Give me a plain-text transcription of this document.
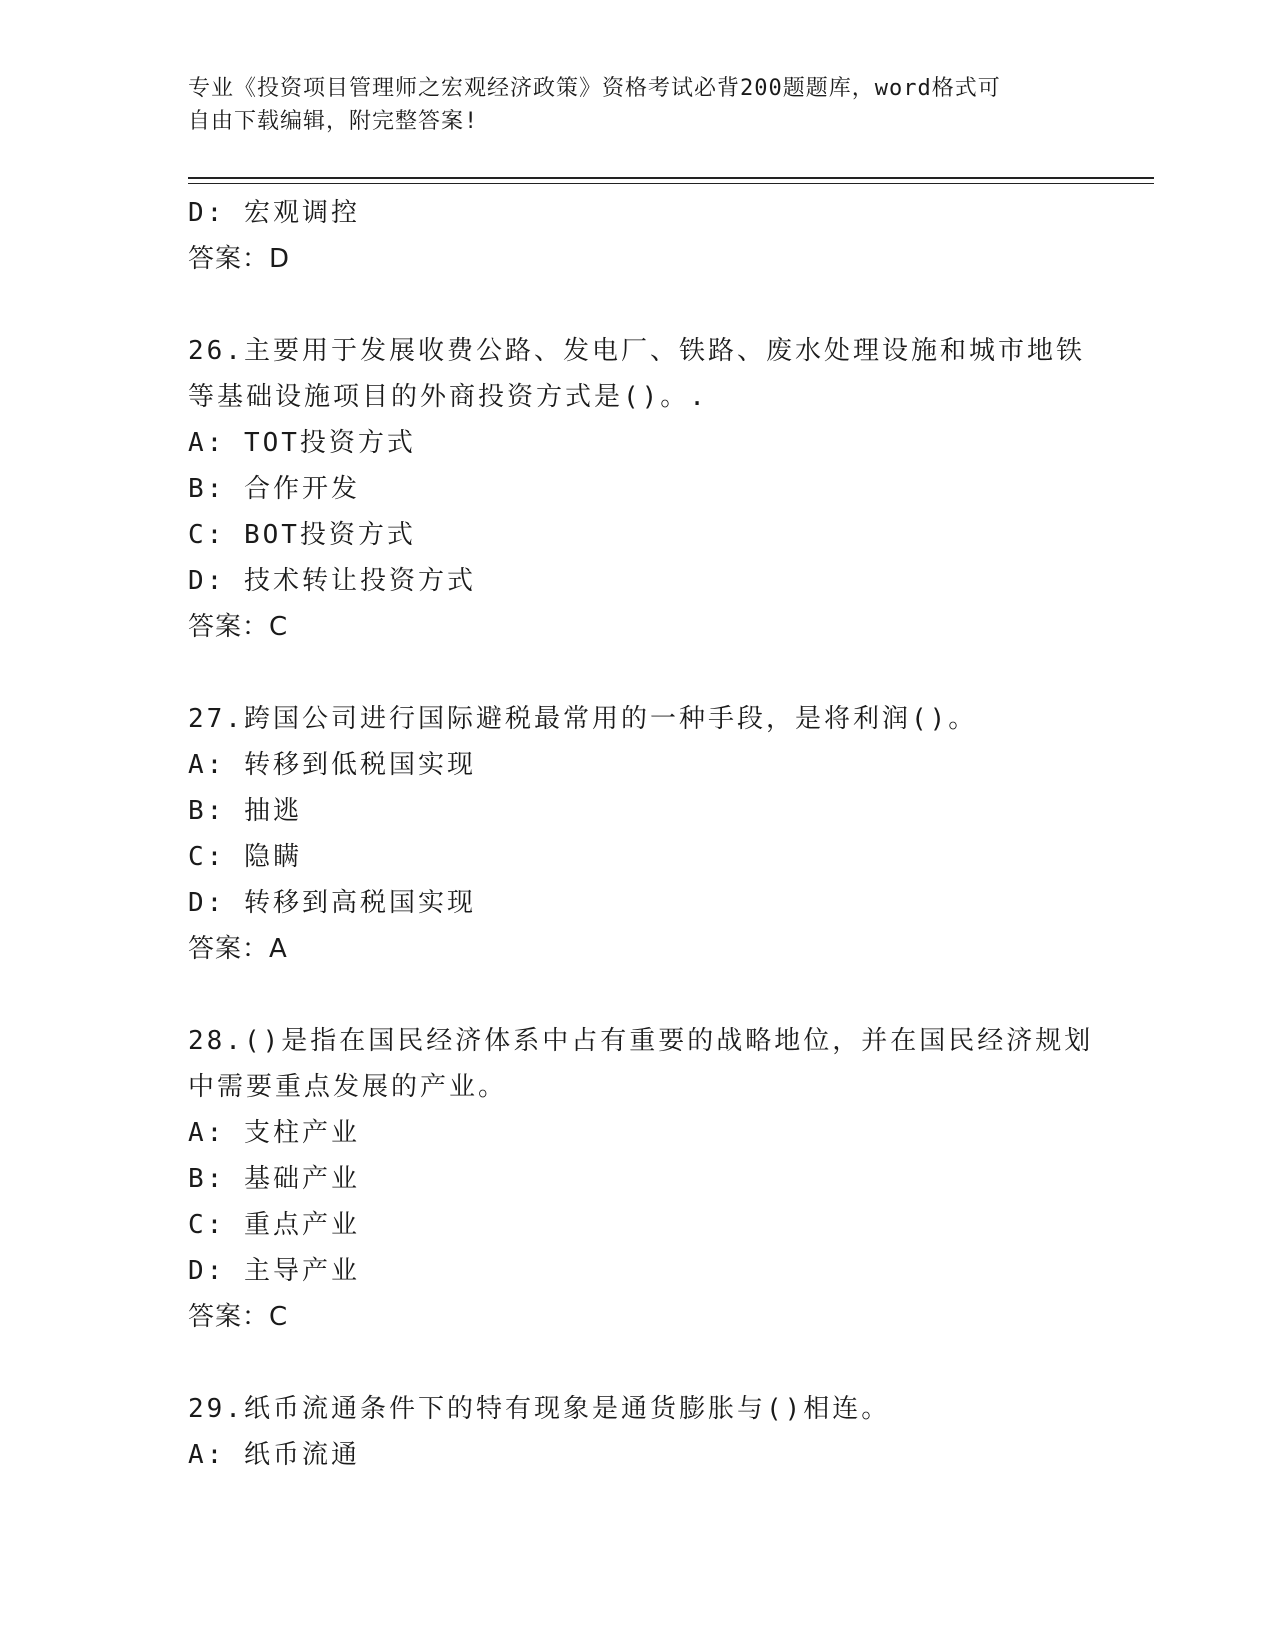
专业《投资项目管理师之宏观经济政策》资格考试必背200题题库，word格式可
自由下载编辑，附完整答案!
D: 宏观调控
答案：D
26.主要用于发展收费公路、发电厂、铁路、废水处理设施和城市地铁
等基础设施项目的外商投资方式是()。.
A: TOT投资方式
B: 合作开发
C: BOT投资方式
D: 技术转让投资方式
答案：C
27.跨国公司进行国际避税最常用的一种手段，是将利润()。
A: 转移到低税国实现
B: 抽逃
C: 隐瞒
D: 转移到高税国实现
答案：A
28.()是指在国民经济体系中占有重要的战略地位，并在国民经济规划
中需要重点发展的产业。
A: 支柱产业
B: 基础产业
C: 重点产业
D: 主导产业
答案：C
29.纸币流通条件下的特有现象是通货膨胀与()相连。
A: 纸币流通
